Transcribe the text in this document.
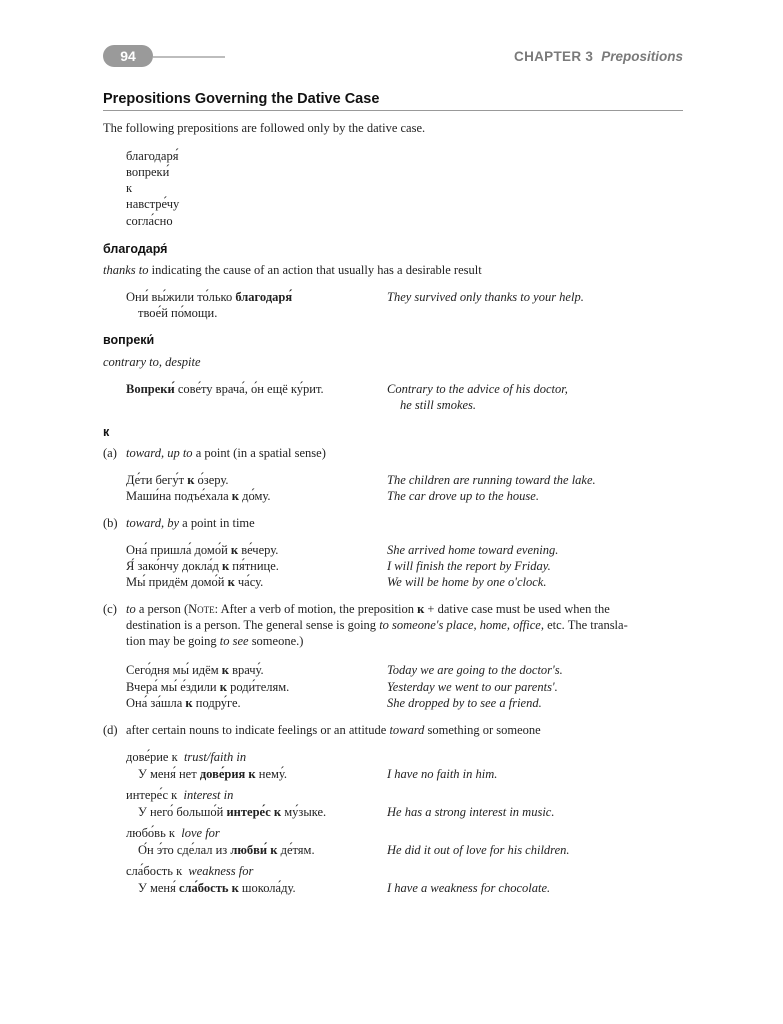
94	CHAPTER 3 Prepositions
Prepositions Governing the Dative Case
The following prepositions are followed only by the dative case.
благодаря́
вопреки́
к
навстре́чу
согла́сно
благодаря́
thanks to indicating the cause of an action that usually has a desirable result
Они́ вы́жили то́лько благодаря́
твое́й по́мощи.
They survived only thanks to your help.
вопреки́
contrary to, despite
Вопреки́ сове́ту врача́, о́н ещё ку́рит.	Contrary to the advice of his doctor,
he still smokes.
к
(a) toward, up to a point (in a spatial sense)
Де́ти бегу́т к о́зеру.	The children are running toward the lake.
Маши́на подъе́хала к до́му.	The car drove up to the house.
(b) toward, by a point in time
Она́ пришла́ домо́й к ве́черу.	She arrived home toward evening.
Я́ зако́нчу докла́д к пя́тнице.	I will finish the report by Friday.
Мы́ придём домо́й к ча́су.	We will be home by one o'clock.
(c) to a person (Note: After a verb of motion, the preposition к + dative case must be used when the
destination is a person. The general sense is going to someone's place, home, office, etc. The transla-
tion may be going to see someone.)
Сего́дня мы́ идём к врачу́.	Today we are going to the doctor's.
Вчера́ мы́ е́здили к роди́телям.	Yesterday we went to our parents'.
Она́ за́шла к подру́ге.	She dropped by to see a friend.
(d) after certain nouns to indicate feelings or an attitude toward something or someone
дове́рие к trust/faith in
У меня́ нет дове́рия к нему́.	I have no faith in him.
интере́с к interest in
У него́ большо́й интере́с к му́зыке.	He has a strong interest in music.
любо́вь к love for
О́н э́то сде́лал из любви́ к де́тям.	He did it out of love for his children.
сла́бость к weakness for
У меня́ сла́бость к шокола́ду.	I have a weakness for chocolate.
